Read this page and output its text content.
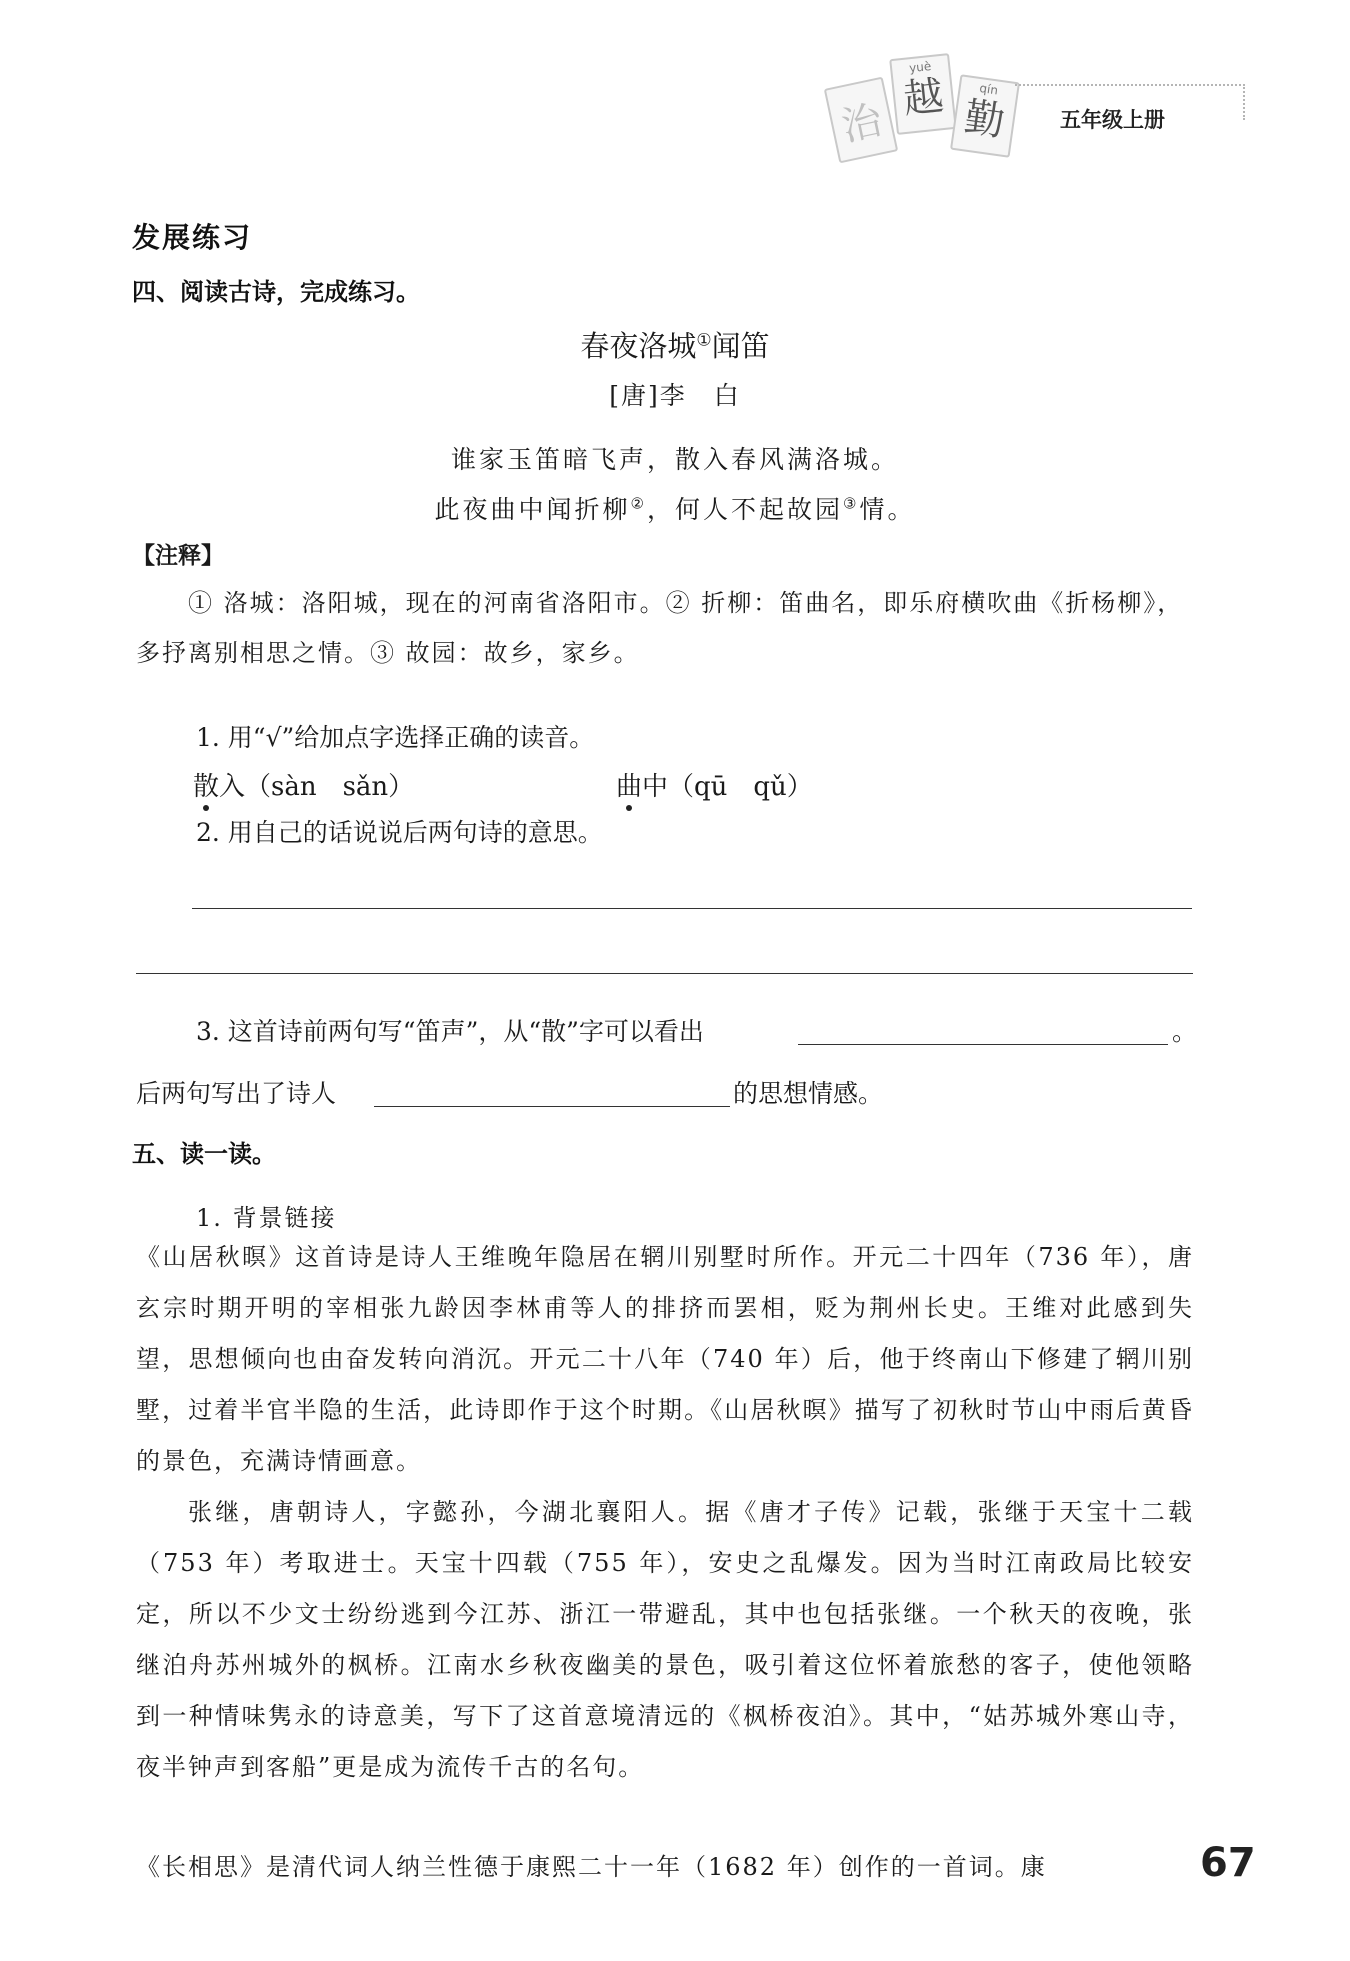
治
yuè
越	qín
勤	五年级上册
发展练习
四、阅读古诗，完成练习。
春夜洛城①闻笛
[唐]李　白
谁家玉笛暗飞声，散入春风满洛城。
此夜曲中闻折柳②，何人不起故园③情。
【注释】
① 洛城：洛阳城，现在的河南省洛阳市。② 折柳：笛曲名，即乐府横吹曲《折杨柳》，多抒离别相思之情。③ 故园：故乡，家乡。
1. 用“√”给加点字选择正确的读音。
散入（sàn　sǎn）	曲中（qū　qǔ）
2. 用自己的话说说后两句诗的意思。
3. 这首诗前两句写“笛声”，从“散”字可以看出	。
后两句写出了诗人	的思想情感。
五、读一读。
1. 背景链接
《山居秋暝》这首诗是诗人王维晚年隐居在辋川别墅时所作。开元二十四年（736 年），唐玄宗时期开明的宰相张九龄因李林甫等人的排挤而罢相，贬为荆州长史。王维对此感到失望，思想倾向也由奋发转向消沉。开元二十八年（740 年）后，他于终南山下修建了辋川别墅，过着半官半隐的生活，此诗即作于这个时期。《山居秋暝》描写了初秋时节山中雨后黄昏的景色，充满诗情画意。
张继，唐朝诗人，字懿孙，今湖北襄阳人。据《唐才子传》记载，张继于天宝十二载（753 年）考取进士。天宝十四载（755 年），安史之乱爆发。因为当时江南政局比较安定，所以不少文士纷纷逃到今江苏、浙江一带避乱，其中也包括张继。一个秋天的夜晚，张继泊舟苏州城外的枫桥。江南水乡秋夜幽美的景色，吸引着这位怀着旅愁的客子，使他领略到一种情味隽永的诗意美，写下了这首意境清远的《枫桥夜泊》。其中，“姑苏城外寒山寺，夜半钟声到客船”更是成为流传千古的名句。
《长相思》是清代词人纳兰性德于康熙二十一年（1682 年）创作的一首词。康	67
